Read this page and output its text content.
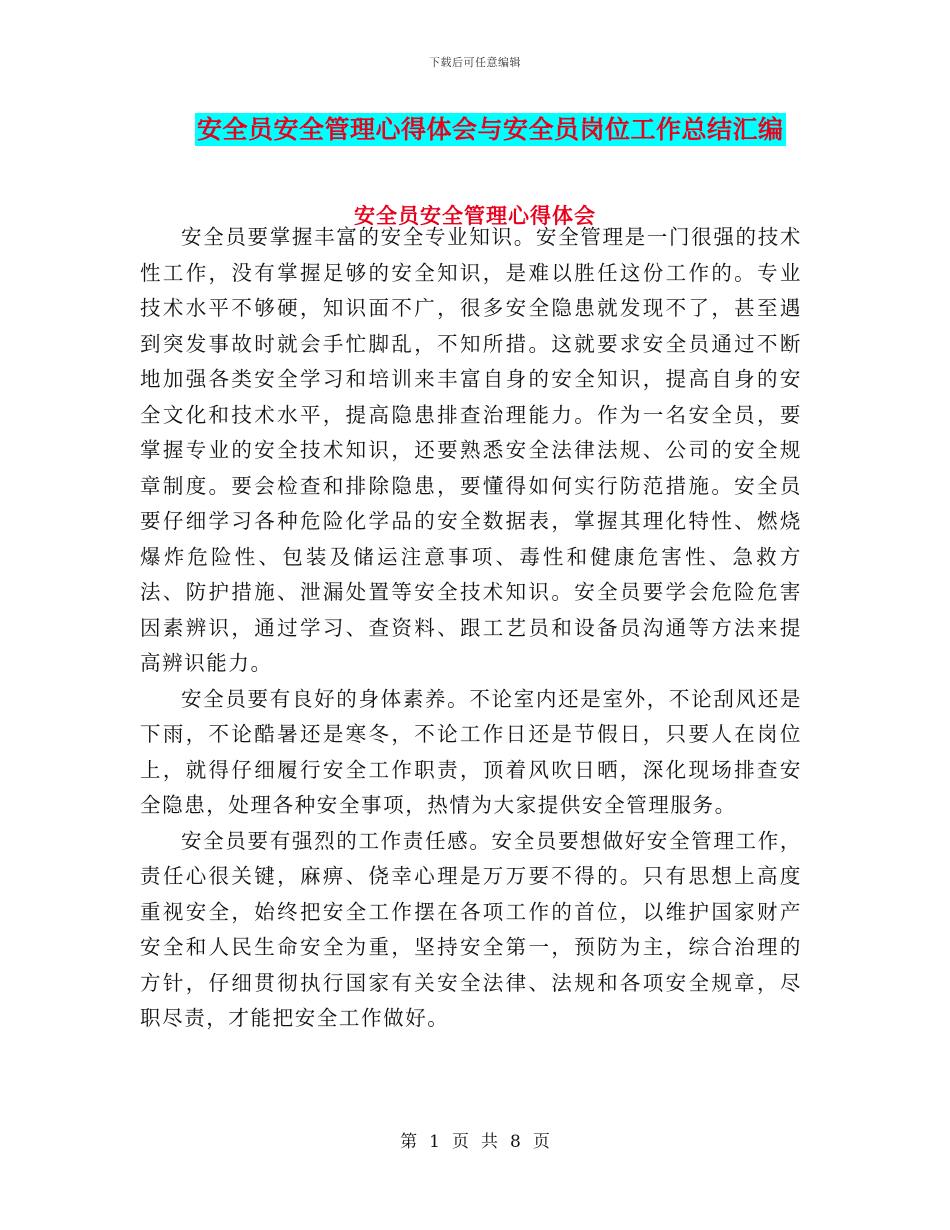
下载后可任意编辑
安全员安全管理心得体会与安全员岗位工作总结汇编
安全员安全管理心得体会

安全员要掌握丰富的安全专业知识。安全管理是一门很强的技术性工作，没有掌握足够的安全知识，是难以胜任这份工作的。专业技术水平不够硬，知识面不广，很多安全隐患就发现不了，甚至遇到突发事故时就会手忙脚乱，不知所措。这就要求安全员通过不断地加强各类安全学习和培训来丰富自身的安全知识，提高自身的安全文化和技术水平，提高隐患排查治理能力。作为一名安全员，要掌握专业的安全技术知识，还要熟悉安全法律法规、公司的安全规章制度。要会检查和排除隐患，要懂得如何实行防范措施。安全员要仔细学习各种危险化学品的安全数据表，掌握其理化特性、燃烧爆炸危险性、包装及储运注意事项、毒性和健康危害性、急救方法、防护措施、泄漏处置等安全技术知识。安全员要学会危险危害因素辨识，通过学习、查资料、跟工艺员和设备员沟通等方法来提高辨识能力。

安全员要有良好的身体素养。不论室内还是室外，不论刮风还是下雨，不论酷暑还是寒冬，不论工作日还是节假日，只要人在岗位上，就得仔细履行安全工作职责，顶着风吹日晒，深化现场排查安全隐患，处理各种安全事项，热情为大家提供安全管理服务。

安全员要有强烈的工作责任感。安全员要想做好安全管理工作，责任心很关键，麻痹、侥幸心理是万万要不得的。只有思想上高度重视安全，始终把安全工作摆在各项工作的首位，以维护国家财产安全和人民生命安全为重，坚持安全第一，预防为主，综合治理的方针，仔细贯彻执行国家有关安全法律、法规和各项安全规章，尽职尽责，才能把安全工作做好。

第 1 页 共 8 页
